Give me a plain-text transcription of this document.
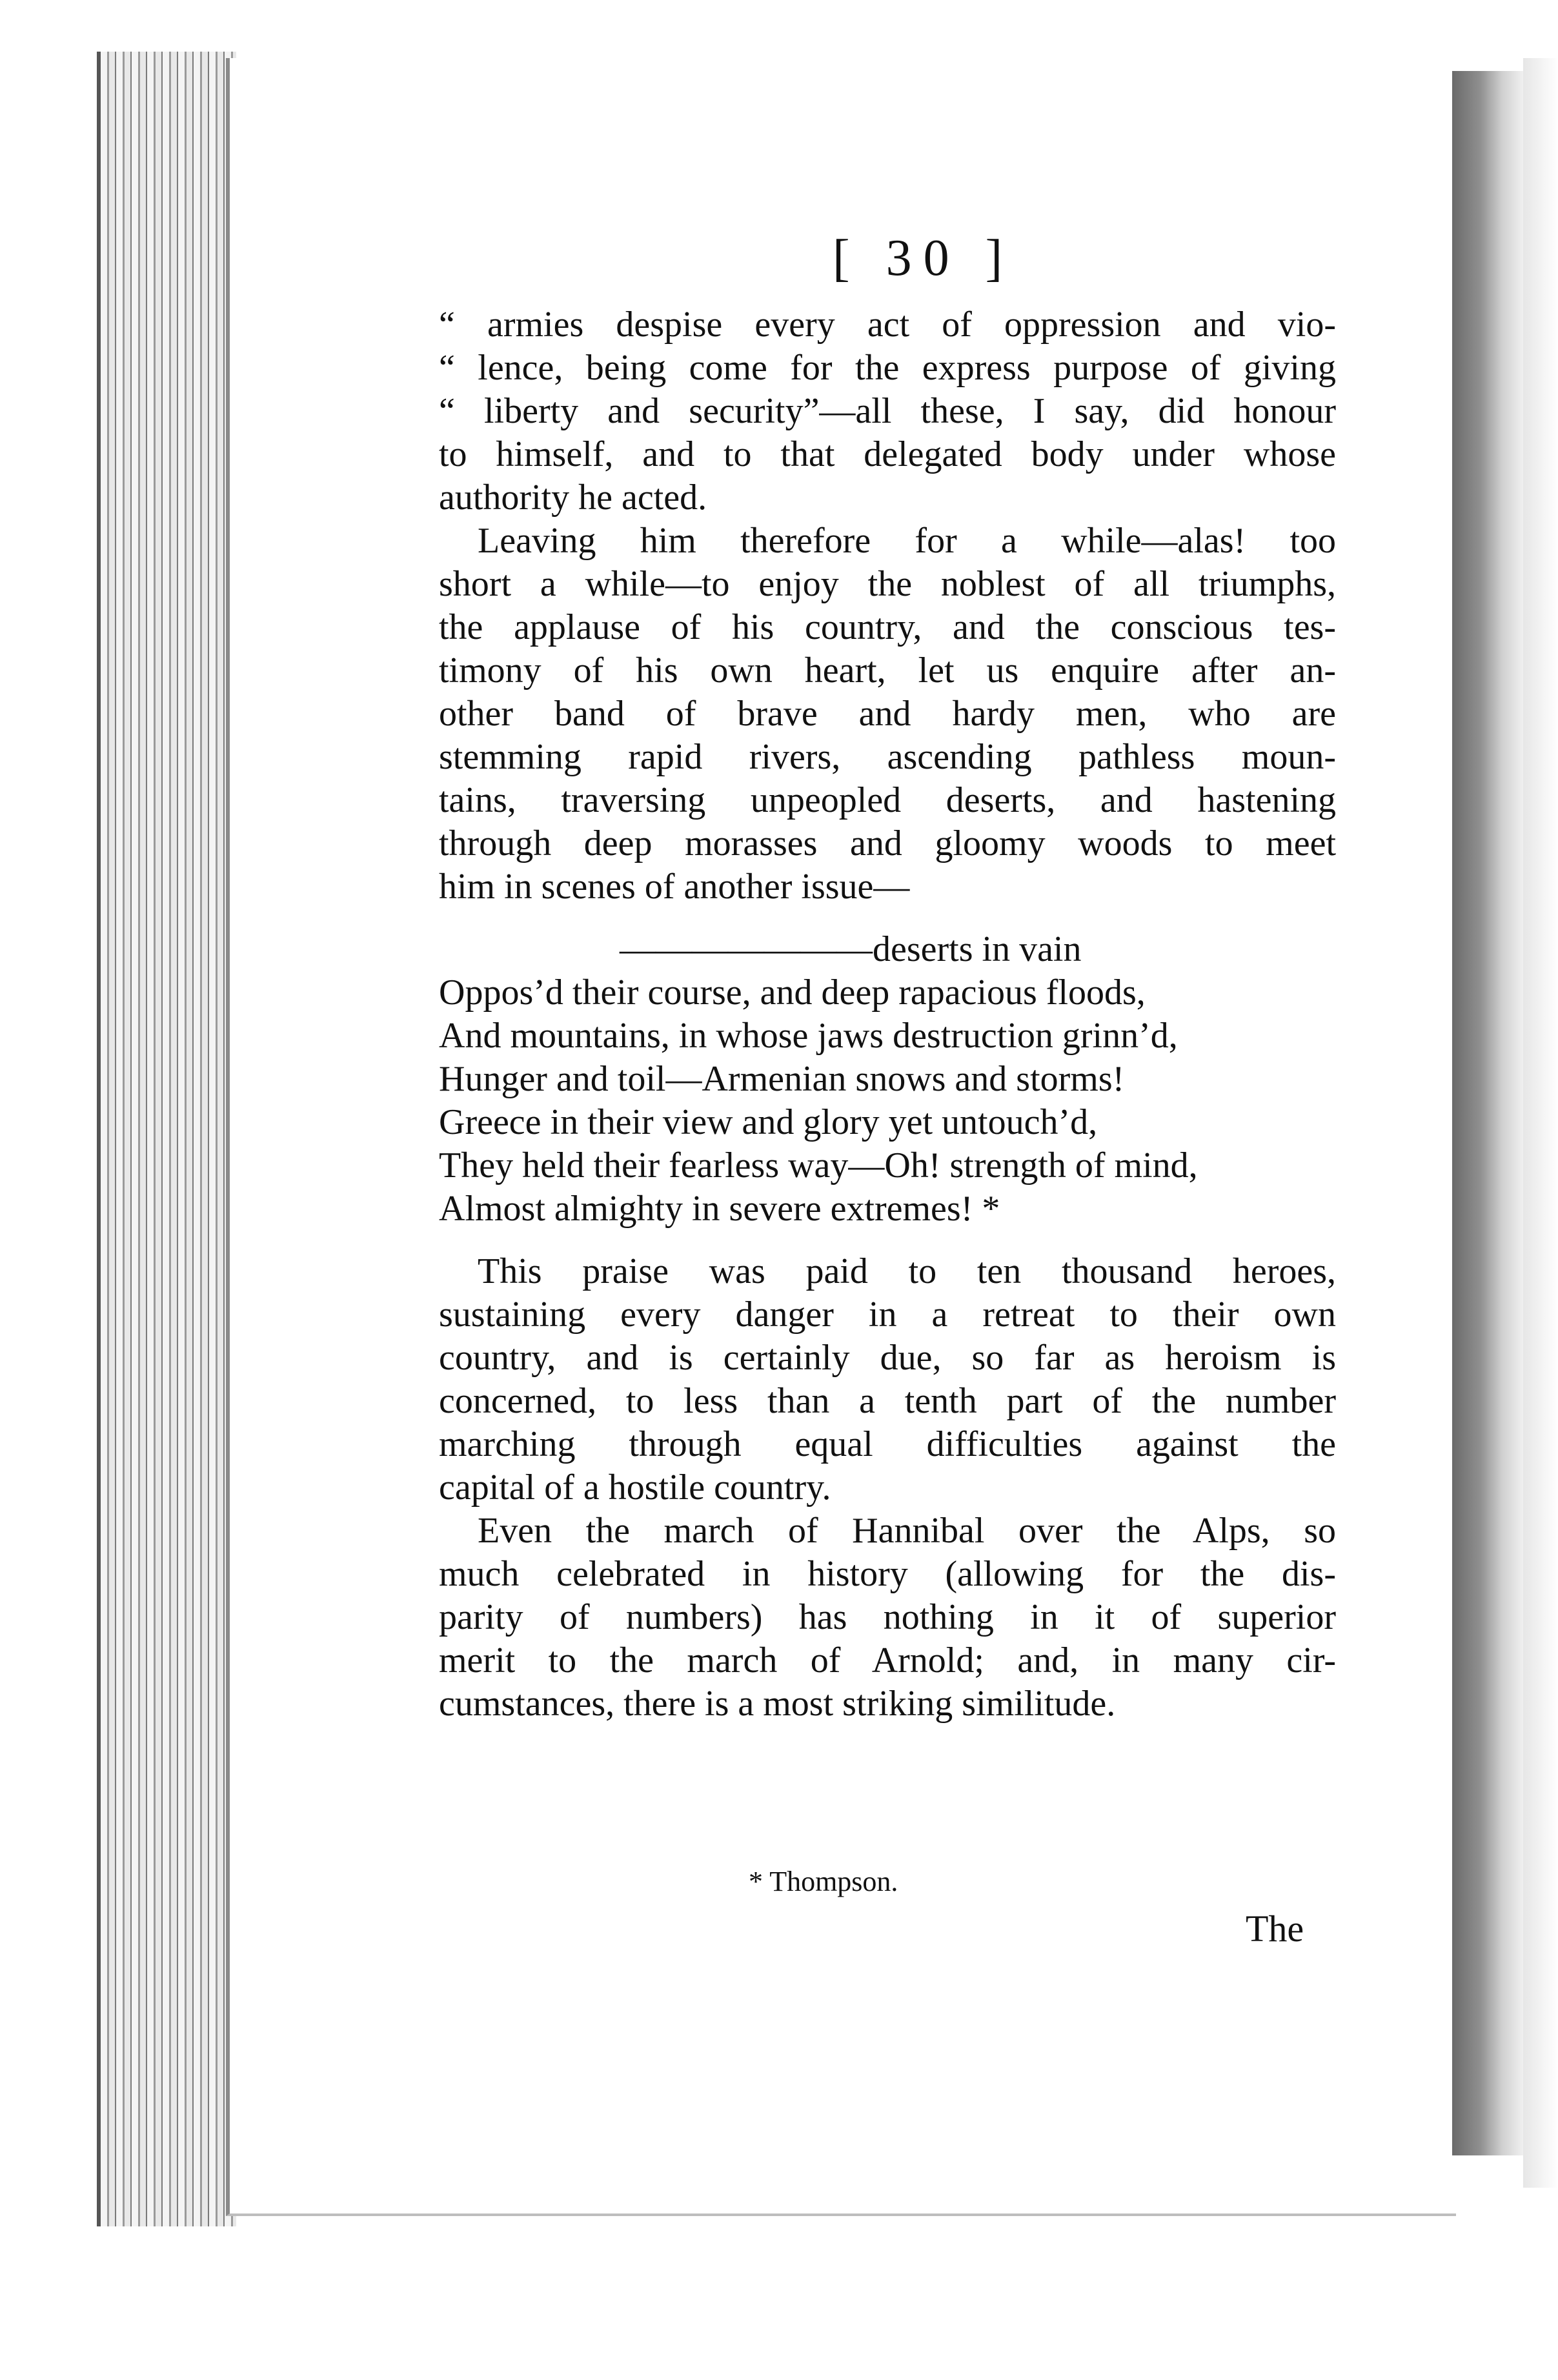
[ 30 ]
“ armies despise every act of oppression and vio-
“ lence, being come for the express purpose of giving
“ liberty and security”—all these, I say, did honour
to himself, and to that delegated body under whose
authority he acted.
Leaving him therefore for a while—alas! too
short a while—to enjoy the noblest of all triumphs,
the applause of his country, and the conscious tes-
timony of his own heart, let us enquire after an-
other band of brave and hardy men, who are
stemming rapid rivers, ascending pathless moun-
tains, traversing unpeopled deserts, and hastening
through deep morasses and gloomy woods to meet
him in scenes of another issue—
———————deserts in vain
Oppos’d their course, and deep rapacious floods,
And mountains, in whose jaws destruction grinn’d,
Hunger and toil—Armenian snows and storms!
Greece in their view and glory yet untouch’d,
They held their fearless way—Oh! strength of mind,
Almost almighty in severe extremes! *
This praise was paid to ten thousand heroes,
sustaining every danger in a retreat to their own
country, and is certainly due, so far as heroism is
concerned, to less than a tenth part of the number
marching through equal difficulties against the
capital of a hostile country.
Even the march of Hannibal over the Alps, so
much celebrated in history (allowing for the dis-
parity of numbers) has nothing in it of superior
merit to the march of Arnold; and, in many cir-
cumstances, there is a most striking similitude.
* Thompson.
The
